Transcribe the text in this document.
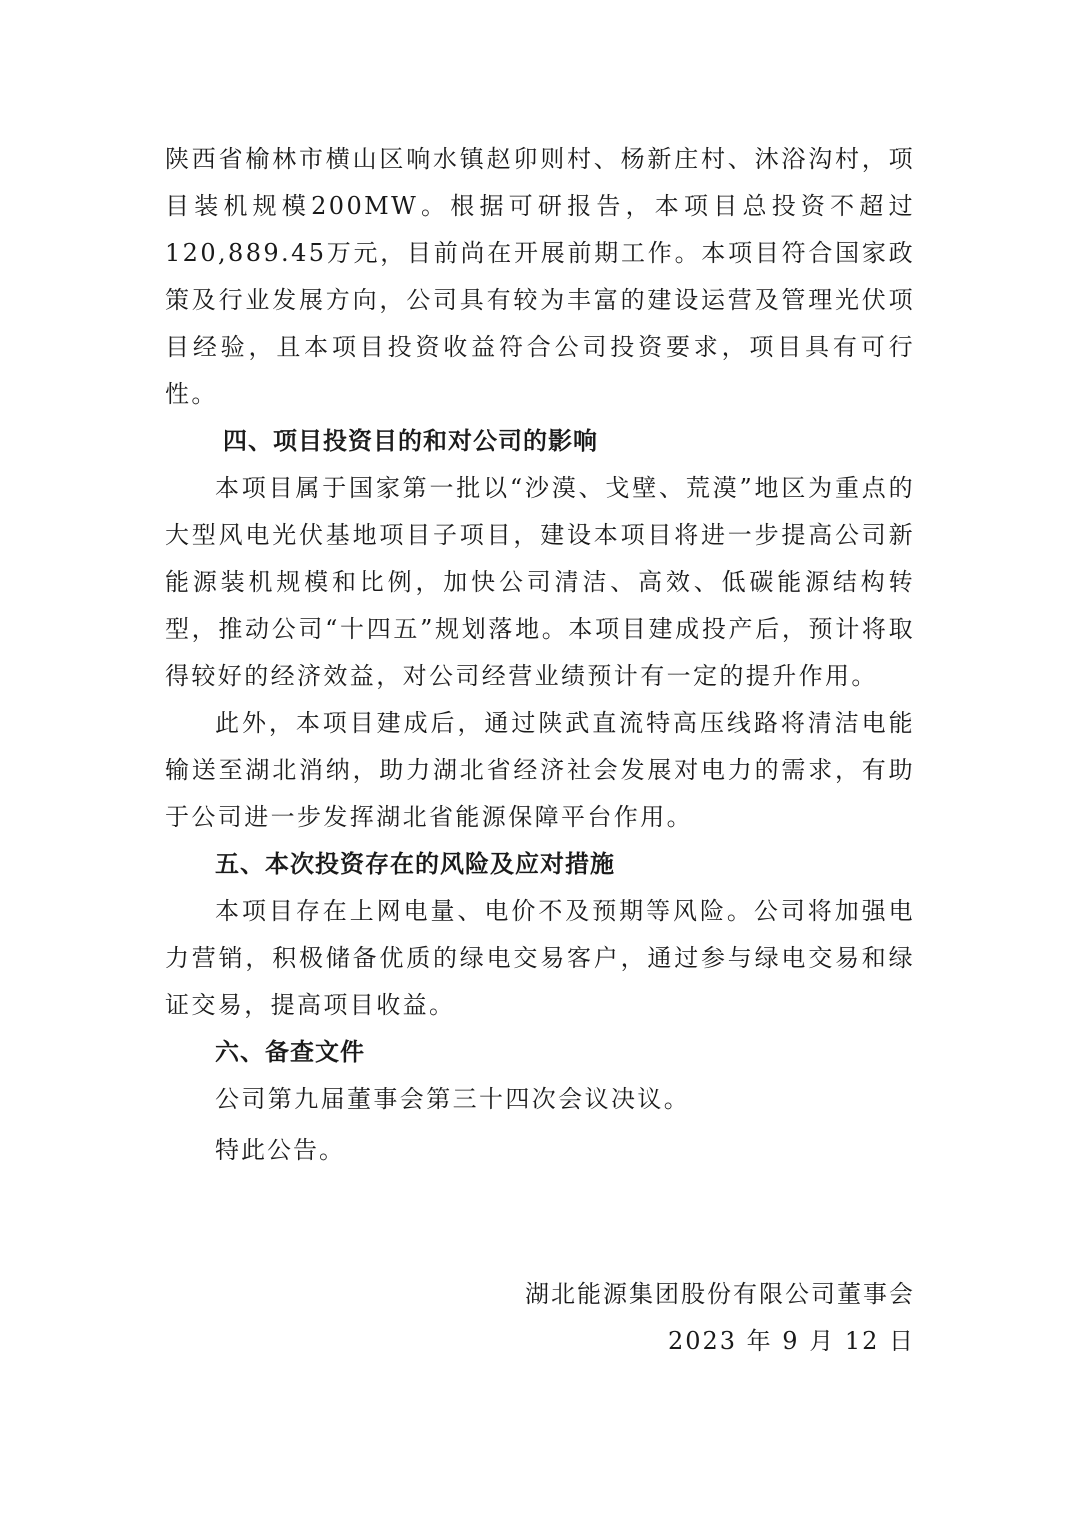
陕西省榆林市横山区响水镇赵卯则村、杨新庄村、沐浴沟村，项目装机规模200MW。根据可研报告，本项目总投资不超过120,889.45万元，目前尚在开展前期工作。本项目符合国家政策及行业发展方向，公司具有较为丰富的建设运营及管理光伏项目经验，且本项目投资收益符合公司投资要求，项目具有可行性。

四、项目投资目的和对公司的影响

本项目属于国家第一批以“沙漠、戈壁、荒漠”地区为重点的大型风电光伏基地项目子项目，建设本项目将进一步提高公司新能源装机规模和比例，加快公司清洁、高效、低碳能源结构转型，推动公司“十四五”规划落地。本项目建成投产后，预计将取得较好的经济效益，对公司经营业绩预计有一定的提升作用。

此外，本项目建成后，通过陕武直流特高压线路将清洁电能输送至湖北消纳，助力湖北省经济社会发展对电力的需求，有助于公司进一步发挥湖北省能源保障平台作用。

五、本次投资存在的风险及应对措施

本项目存在上网电量、电价不及预期等风险。公司将加强电力营销，积极储备优质的绿电交易客户，通过参与绿电交易和绿证交易，提高项目收益。

六、备查文件

公司第九届董事会第三十四次会议决议。

特此公告。

湖北能源集团股份有限公司董事会
2023 年 9 月 12 日
